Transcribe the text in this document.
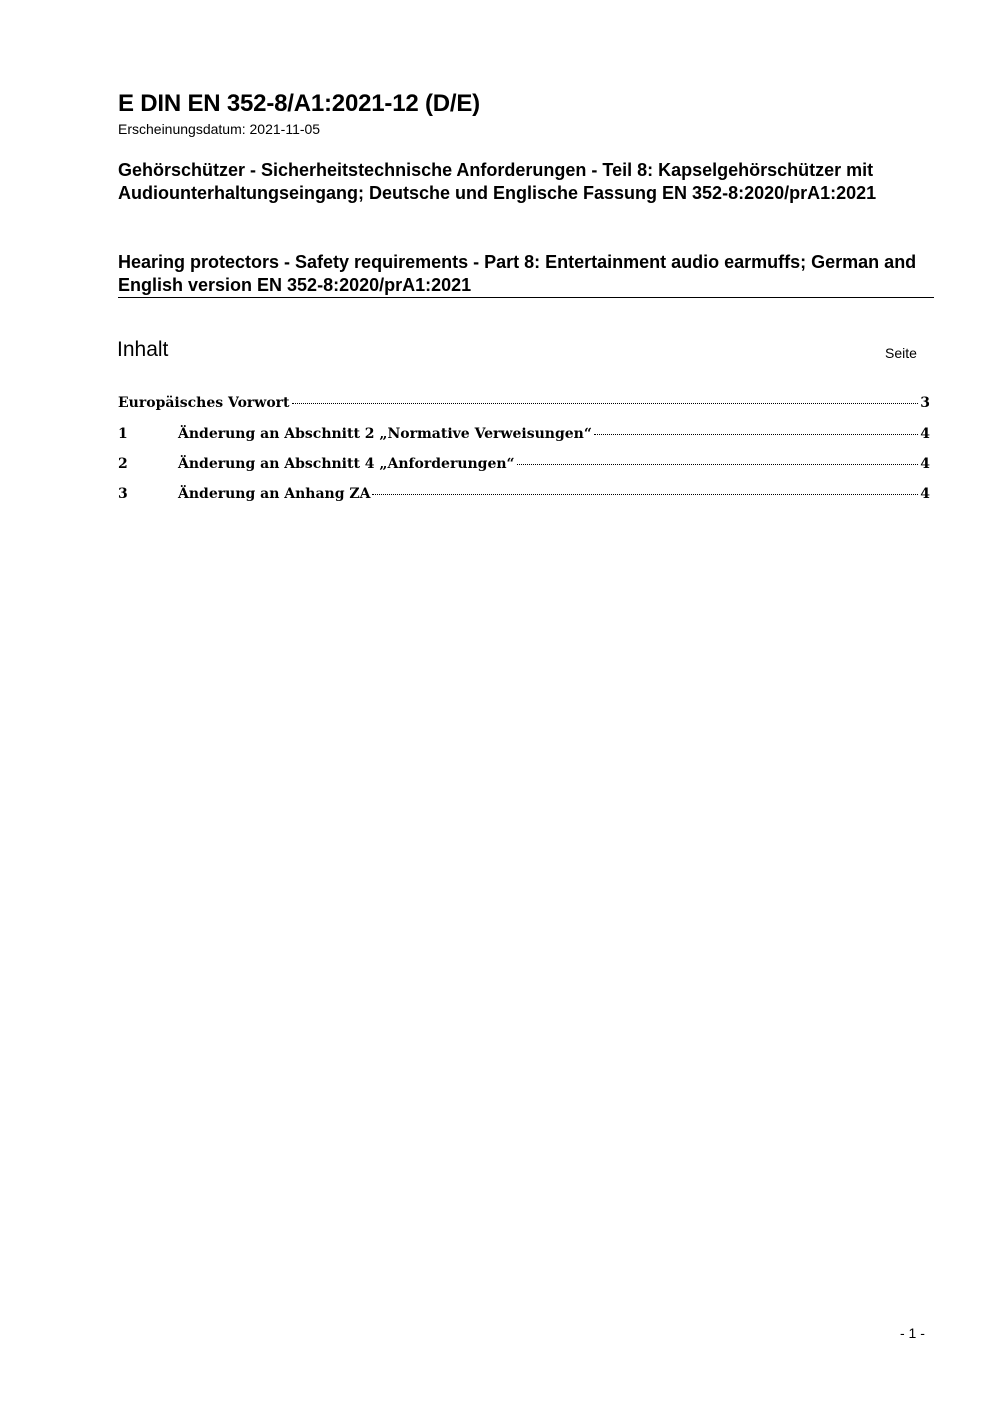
E DIN EN 352-8/A1:2021-12 (D/E)
Erscheinungsdatum: 2021-11-05
Gehörschützer - Sicherheitstechnische Anforderungen - Teil 8: Kapselgehörschützer mit Audiounterhaltungseingang; Deutsche und Englische Fassung EN 352-8:2020/prA1:2021
Hearing protectors - Safety requirements - Part 8: Entertainment audio earmuffs; German and English version EN 352-8:2020/prA1:2021
Inhalt	Seite
Europäisches Vorwort	3
1	Änderung an Abschnitt 2 „Normative Verweisungen“	4
2	Änderung an Abschnitt 4 „Anforderungen“	4
3	Änderung an Anhang ZA	4
- 1 -
